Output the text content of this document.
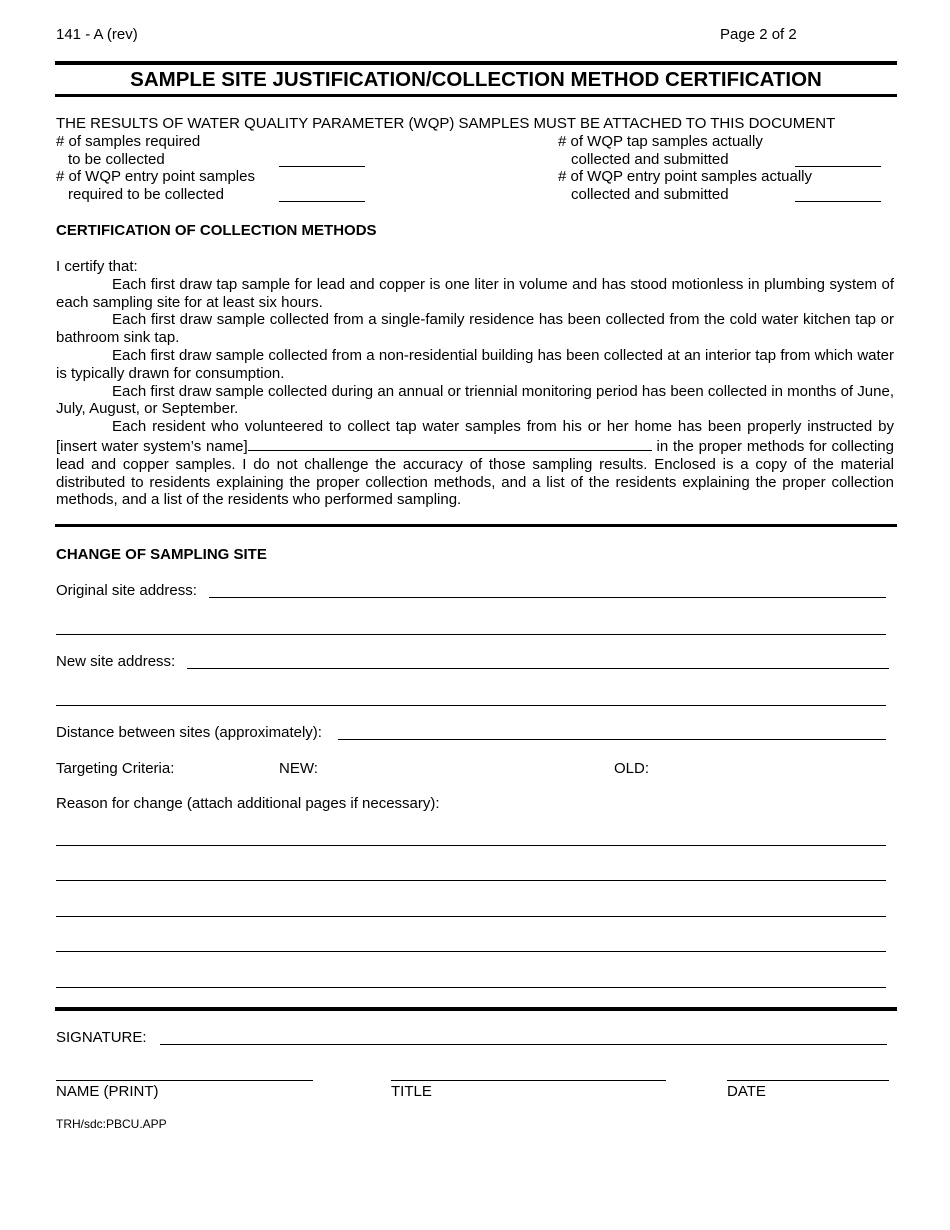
141 - A (rev)	Page 2 of 2
SAMPLE SITE JUSTIFICATION/COLLECTION METHOD CERTIFICATION
THE RESULTS OF WATER QUALITY PARAMETER (WQP) SAMPLES MUST BE ATTACHED TO THIS DOCUMENT
# of samples required
to be collected
# of WQP entry point samples
required to be collected
# of WQP tap samples actually
collected and submitted
# of WQP entry point samples actually
collected and submitted
CERTIFICATION OF COLLECTION METHODS

I certify that:

Each first draw tap sample for lead and copper is one liter in volume and has stood motionless in plumbing system of each sampling site for at least six hours.

Each first draw sample collected from a single-family residence has been collected from the cold water kitchen tap or bathroom sink tap.

Each first draw sample collected from a non-residential building has been collected at an interior tap from which water is typically drawn for consumption.

Each first draw sample collected during an annual or triennial monitoring period has been collected in months of June, July, August, or September.

Each resident who volunteered to collect tap water samples from his or her home has been properly instructed by [insert water system’s name]	in the proper methods for collecting lead and copper samples. I do not challenge the accuracy of those sampling results. Enclosed is a copy of the material distributed to residents explaining the proper collection methods, and a list of the residents explaining the proper collection methods, and a list of the residents who performed sampling.

CHANGE OF SAMPLING SITE
Original site address:
New site address:
Distance between sites (approximately):
Targeting Criteria:	NEW:	OLD:
Reason for change (attach additional pages if necessary):
SIGNATURE:
NAME (PRINT)	TITLE	DATE
TRH/sdc:PBCU.APP
